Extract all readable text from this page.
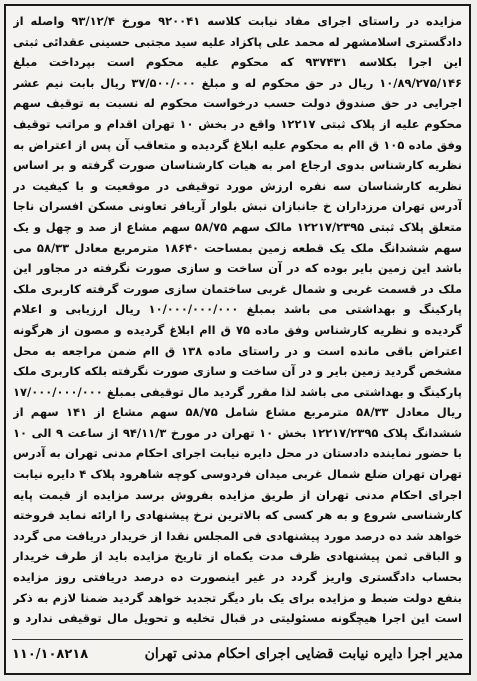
مزایده در راستای اجرای مفاد نیابت کلاسه ۹۲۰۰۴۱ مورخ ۹۳/۱۲/۴ واصله از دادگستری اسلامشهر له محمد علی پاکزاد علیه سید مجتبی حسینی عقدائی ثبتی این اجرا بکلاسه ۹۳۷۴۳۱ که محکوم علیه محکوم است بپرداخت مبلغ ۱۰/۸۹/۲۷۵/۱۴۶ ریال در حق محکوم له و مبلغ ۳۷/۵۰۰/۰۰۰ ریال بابت نیم عشر اجرایی در حق صندوق دولت حسب درخواست محکوم له نسبت به توقیف سهم محکوم علیه از پلاک ثبتی ۱۲۲۱۷ واقع در بخش ۱۰ تهران اقدام و مراتب توقیف وفق ماده ۱۰۵ ق اام به محکوم علیه ابلاغ گردیده و متعاقب آن پس از اعتراض به نظریه کارشناس بدوی ارجاع امر به هیات کارشناسان صورت گرفته و بر اساس نظریه کارشناسان سه نفره ارزش مورد توقیفی در موقعیت و با کیفیت در آدرس تهران مرزداران خ جانبازان نبش بلوار آریافر تعاونی مسکن افسران ناجا متعلق پلاک ثبتی ۱۲۲۱۷/۲۳۹۵ مالک سهم ۵۸/۷۵ سهم مشاع از صد و چهل و یک سهم ششدانگ ملک یک قطعه زمین بمساحت ۱۸۶۴۰ مترمربع معادل ۵۸/۳۳ می باشد این زمین بایر بوده که در آن ساخت و سازی صورت نگرفته در مجاور این ملک در قسمت غربی و شمال غربی ساختمان سازی صورت گرفته کاربری ملک پارکینگ و بهداشتی می باشد بمبلغ ۱۰/۰۰۰/۰۰۰/۰۰۰ ریال ارزیابی و اعلام گردیده و نظریه کارشناس وفق ماده ۷۵ ق اام ابلاغ گردیده و مصون از هرگونه اعتراض باقی مانده است و در راستای ماده ۱۳۸ ق اام ضمن مراجعه به محل مشخص گردید زمین بایر و در آن ساخت و سازی صورت نگرفته بلکه کاربری ملک پارکینگ و بهداشتی می باشد لذا مقرر گردید مال توقیفی بمبلغ ۱۷/۰۰۰/۰۰۰/۰۰۰ ریال معادل ۵۸/۳۳ مترمربع مشاع شامل ۵۸/۷۵ سهم مشاع از ۱۴۱ سهم از ششدانگ پلاک ۱۲۲۱۷/۲۳۹۵ بخش ۱۰ تهران در مورخ ۹۴/۱۱/۳ از ساعت ۹ الی ۱۰ با حضور نماینده دادستان در محل دایره نیابت اجرای احکام مدنی تهران به آدرس تهران تهران ضلع شمال غربی میدان فردوسی کوچه شاهرود پلاک ۴ دایره نیابت اجرای احکام مدنی تهران از طریق مزایده بفروش برسد مزایده از قیمت پایه کارشناسی شروع و به هر کسی که بالاترین نرخ پیشنهادی را ارائه نماید فروخته خواهد شد ده درصد مورد پیشنهادی فی المجلس نقدا از خریدار دریافت می گردد و الباقی ثمن پیشنهادی ظرف مدت یکماه از تاریخ مزایده باید از طرف خریدار بحساب دادگستری واریز گردد در غیر اینصورت ده درصد دریافتی روز مزایده بنفع دولت ضبط و مزایده برای یک بار دیگر تجدید خواهد گردید ضمنا لازم به ذکر است این اجرا هیچگونه مسئولیتی در قبال تخلیه و تحویل مال توقیفی ندارد و

۱۱۰/۱۰۸۲۱۸	مدیر اجرا دایره نیابت قضایی اجرای احکام مدنی تهران
